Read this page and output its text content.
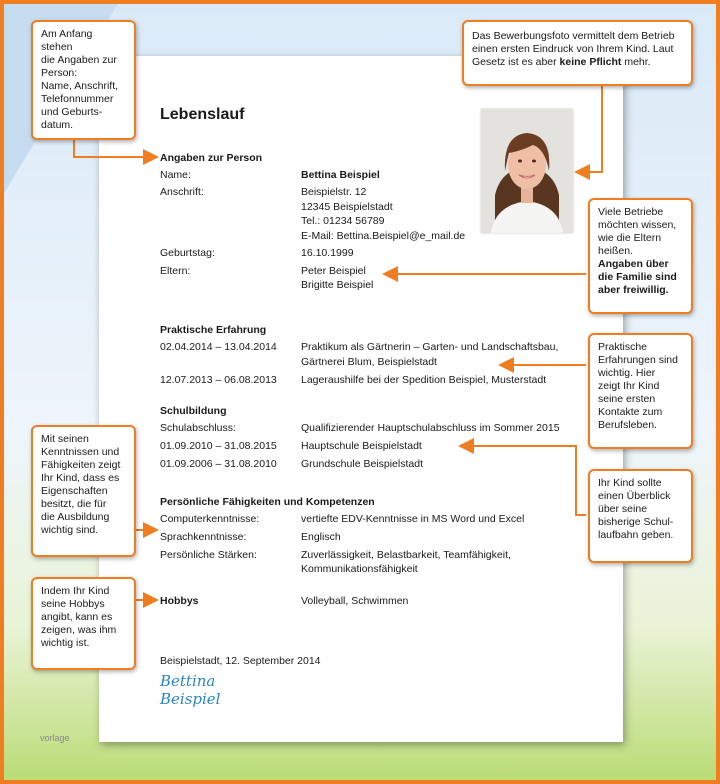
Lebenslauf
Angaben zur Person
Name:	Bettina Beispiel
Anschrift:	Beispielstr. 12
12345 Beispielstadt
Tel.: 01234 56789
E-Mail: Bettina.Beispiel@e_mail.de
Geburtstag:	16.10.1999
Eltern:	Peter Beispiel
Brigitte Beispiel
Praktische Erfahrung
02.04.2014 – 13.04.2014 Praktikum als Gärtnerin – Garten- und Landschaftsbau,
Gärtnerei Blum, Beispielstadt
12.07.2013 – 06.08.2013 Lageraushilfe bei der Spedition Beispiel, Musterstadt
Schulbildung
Schulabschluss:	Qualifizierender Hauptschulabschluss im Sommer 2015
01.09.2010 – 31.08.2015 Hauptschule Beispielstadt
01.09.2006 – 31.08.2010 Grundschule Beispielstadt
Persönliche Fähigkeiten und Kompetenzen
Computerkenntnisse:	vertiefte EDV-Kenntnisse in MS Word und Excel
Sprachkenntnisse:	Englisch
Persönliche Stärken:	Zuverlässigkeit, Belastbarkeit, Teamfähigkeit,
Kommunikationsfähigkeit
Hobbys	Volleyball, Schwimmen
Beispielstadt, 12. September 2014
Bettina Beispiel
Am Anfang stehen
die Angaben zur
Person:
Name, Anschrift,
Telefonnummer
und Geburts-
datum.
Das Bewerbungsfoto vermittelt dem Betrieb
einen ersten Eindruck von Ihrem Kind. Laut
Gesetz ist es aber keine Pflicht mehr.
Viele Betriebe
möchten wissen,
wie die Eltern
heißen.
Angaben über
die Familie sind
aber freiwillig.
Praktische
Erfahrungen sind
wichtig. Hier
zeigt Ihr Kind
seine ersten
Kontakte zum
Berufsleben.
Ihr Kind sollte
einen Überblick
über seine
bisherige Schul-
laufbahn geben.
Mit seinen
Kenntnissen und
Fähigkeiten zeigt
Ihr Kind, dass es
Eigenschaften
besitzt, die für
die Ausbildung
wichtig sind.
Indem Ihr Kind
seine Hobbys
angibt, kann es
zeigen, was ihm
wichtig ist.
vorlage
